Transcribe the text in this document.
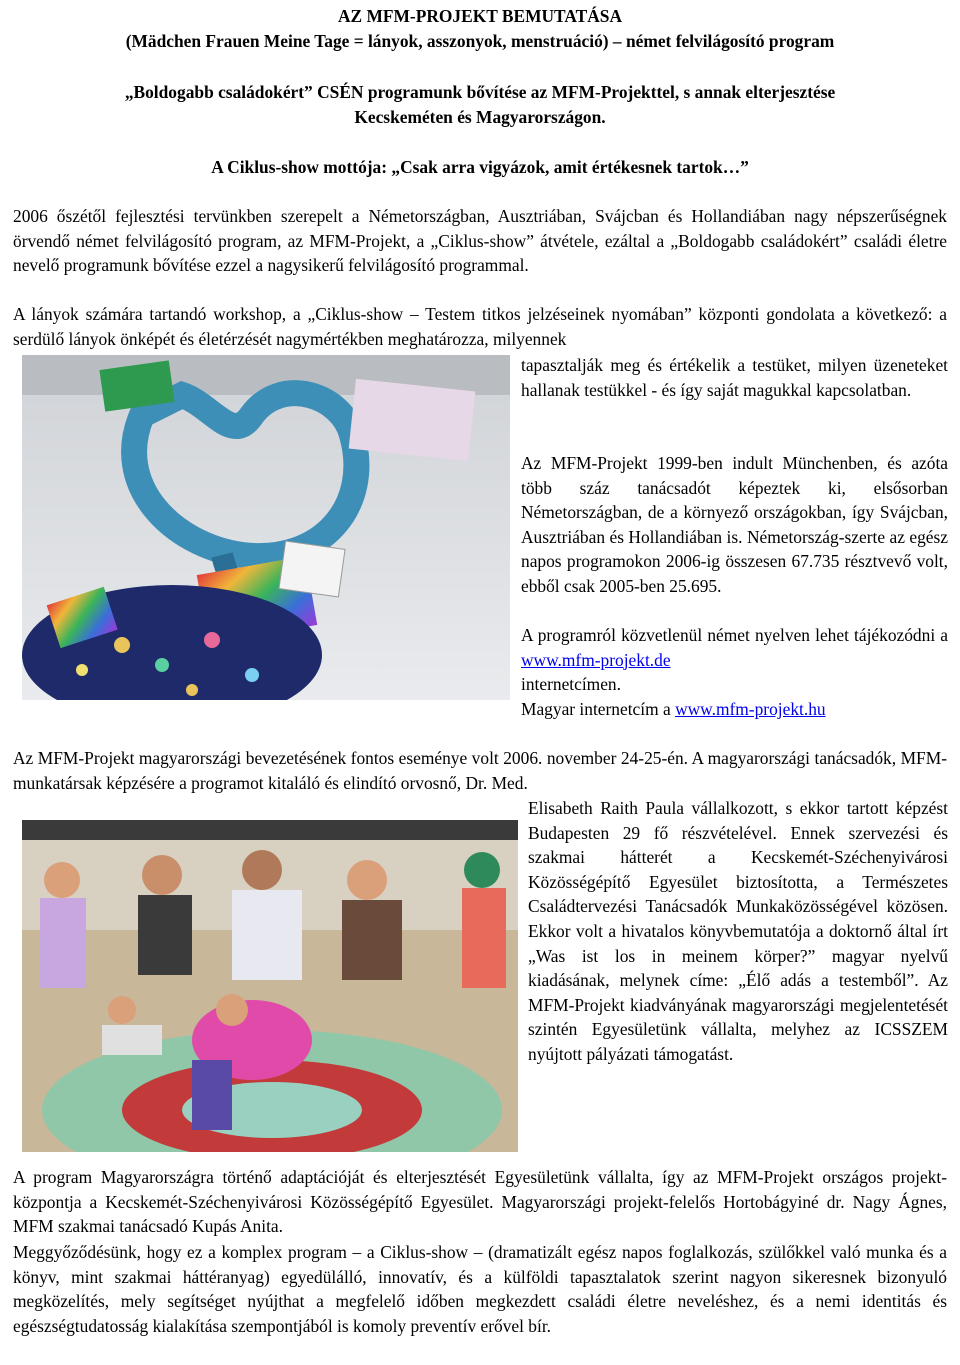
AZ MFM-PROJEKT BEMUTATÁSA
(Mädchen Frauen Meine Tage = lányok, asszonyok, menstruáció) – német felvilágosító program
„Boldogabb családokért” CSÉN programunk bővítése az MFM-Projekttel, s annak elterjesztése
Kecskeméten és Magyarországon.
A Ciklus-show mottója: „Csak arra vigyázok, amit értékesnek tartok…”
2006 őszétől fejlesztési tervünkben szerepelt a Németországban, Ausztriában, Svájcban és Hollandiában nagy népszerűségnek örvendő német felvilágosító program, az MFM-Projekt, a „Ciklus-show” átvétele, ezáltal a „Boldogabb családokért” családi életre nevelő programunk bővítése ezzel a nagysikerű felvilágosító programmal.
A lányok számára tartandó workshop, a „Ciklus-show – Testem titkos jelzéseinek nyomában” központi gondolata a következő: a serdülő lányok önképét és életérzését nagymértékben meghatározza, milyennek
tapasztalják meg és értékelik a testüket, milyen üzeneteket hallanak testükkel - és így saját magukkal kapcsolatban.
Az MFM-Projekt 1999-ben indult Münchenben, és azóta több száz tanácsadót képeztek ki, elsősorban Németországban, de a környező országokban, így Svájcban, Ausztriában és Hollandiában is. Németország-szerte az egész napos programokon 2006-ig összesen 67.735 résztvevő volt, ebből csak 2005-ben 25.695.
A programról közvetlenül német nyelven lehet tájékozódni a www.mfm-projekt.de
internetcímen.
Magyar internetcím a www.mfm-projekt.hu
Az MFM-Projekt magyarországi bevezetésének fontos eseménye volt 2006. november 24-25-én. A magyarországi tanácsadók, MFM-munkatársak képzésére a programot kitaláló és elindító orvosnő, Dr. Med.
Elisabeth Raith Paula vállalkozott, s ekkor tartott képzést Budapesten 29 fő részvételével. Ennek szervezési és szakmai hátterét a Kecskemét-Széchenyivárosi Közösségépítő Egyesület biztosította, a Természetes Családtervezési Tanácsadók Munkaközösségével közösen. Ekkor volt a hivatalos könyvbemutatója a doktornő által írt „Was ist los in meinem körper?” magyar nyelvű kiadásának, melynek címe: „Élő adás a testemből”. Az MFM-Projekt kiadványának magyarországi megjelentetését szintén Egyesületünk vállalta, melyhez az ICSSZEM nyújtott pályázati támogatást.
A program Magyarországra történő adaptációját és elterjesztését Egyesületünk vállalta, így az MFM-Projekt országos projekt-központja a Kecskemét-Széchenyivárosi Közösségépítő Egyesület. Magyarországi projekt-felelős Hortobágyiné dr. Nagy Ágnes, MFM szakmai tanácsadó Kupás Anita.
Meggyőződésünk, hogy ez a komplex program – a Ciklus-show – (dramatizált egész napos foglalkozás, szülőkkel való munka és a könyv, mint szakmai háttéranyag) egyedülálló, innovatív, és a külföldi tapasztalatok szerint nagyon sikeresnek bizonyuló megközelítés, mely segítséget nyújthat a megfelelő időben megkezdett családi életre neveléshez, és a nemi identitás és egészségtudatosság kialakítása szempontjából is komoly preventív erővel bír.
